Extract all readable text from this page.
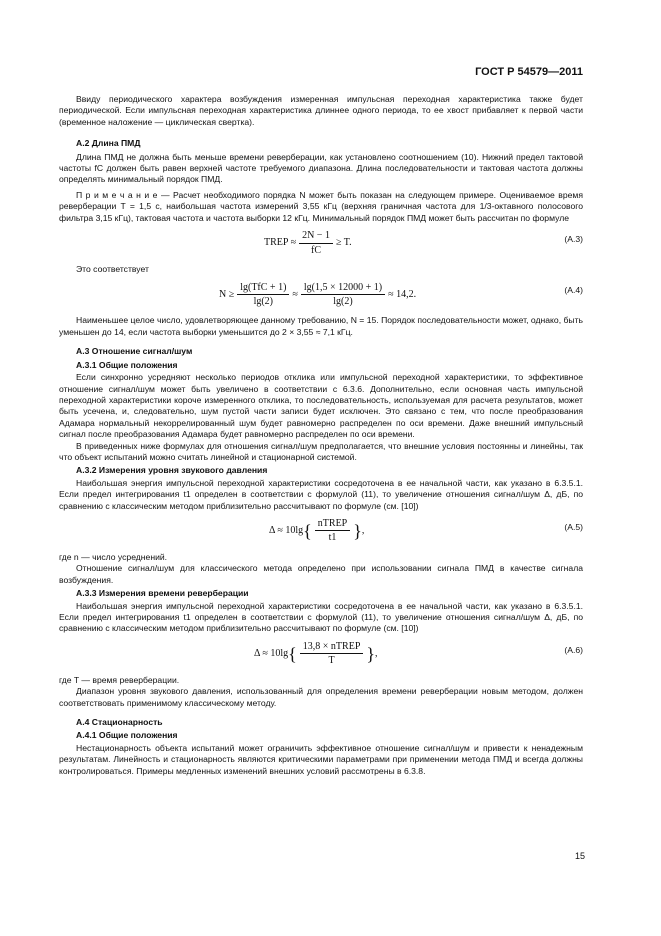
ГОСТ Р 54579—2011

Ввиду периодического характера возбуждения измеренная импульсная переходная характеристика также будет периодической. Если импульсная переходная характеристика длиннее одного периода, то ее хвост прибавляет к первой части (временное наложение — циклическая свертка).

А.2 Длина ПМД

Длина ПМД не должна быть меньше времени реверберации, как установлено соотношением (10). Нижний предел тактовой частоты fC должен быть равен верхней частоте требуемого диапазона. Длина последовательности и тактовая частота должны определять минимальный порядок ПМД.

П р и м е ч а н и е — Расчет необходимого порядка N может быть показан на следующем примере. Оцениваемое время реверберации T = 1,5 с, наибольшая частота измерений 3,55 кГц (верхняя граничная частота для 1/3-октавного полосового фильтра 3,15 кГц), тактовая частота и частота выборки 12 кГц. Минимальный порядок ПМД может быть рассчитан по формуле

TREP ≈ $\frac{2N - 1}{fC} \ge T$.	(A.3)

Это соответствует

$N \ge \frac{\text{lg(TfC + 1)}}{\lg(2)} \approx \frac{\lg(1,5 \times 12000 + 1)}{\lg(2)} \approx 14,2$.	(A.4)

Наименьшее целое число, удовлетворяющее данному требованию, N = 15. Порядок последовательности может, однако, быть уменьшен до 14, если частота выборки уменьшится до 2 × 3,55 ≈ 7,1 кГц.

А.3 Отношение сигнал/шум
А.3.1 Общие положения

Если синхронно усредняют несколько периодов отклика или импульсной переходной характеристики, то эффективное отношение сигнал/шум может быть увеличено в соответствии с 6.3.6. Дополнительно, если основная часть импульсной переходной характеристики короче измеренного отклика, то последовательность, используемая для расчета результатов, может быть усечена, и, следовательно, шум пустой части записи будет исключен. Это связано с тем, что после преобразования Адамара нормальный некоррелированный шум будет равномерно распределен по оси времени. Даже внешний импульсный сигнал после преобразования Адамара будет равномерно распределен по оси времени.

В приведенных ниже формулах для отношения сигнал/шум предполагается, что внешние условия постоянны и линейны, так что объект испытаний можно считать линейной и стационарной системой.

А.3.2 Измерения уровня звукового давления

Наибольшая энергия импульсной переходной характеристики сосредоточена в ее начальной части, как указано в 6.3.5.1. Если предел интегрирования t1 определен в соответствии с формулой (11), то увеличение отношения сигнал/шум Δ, дБ, по сравнению с классическим методом приблизительно рассчитывают по формуле (см. [10])

Δ ≈ 10lg { $\frac{\text{nTREP}}{t1}$ } ,	(A.5)

где n — число усреднений.

Отношение сигнал/шум для классического метода определено при использовании сигнала ПМД в качестве сигнала возбуждения.

А.3.3 Измерения времени реверберации

Наибольшая энергия импульсной переходной характеристики сосредоточена в ее начальной части, как указано в 6.3.5.1. Если предел интегрирования t1 определен в соответствии с формулой (11), то увеличение отношения сигнал/шум Δ, дБ, по сравнению с классическим методом приблизительно рассчитывают по формуле (см. [10])

Δ ≈ 10lg { $\frac{\text{13,8 × nTREP}}{T}$ } ,	(A.6)

где T — время реверберации.

Диапазон уровня звукового давления, использованный для определения времени реверберации новым методом, должен соответствовать применимому классическому методу.

А.4 Стационарность
А.4.1 Общие положения

Нестационарность объекта испытаний может ограничить эффективное отношение сигнал/шум и привести к ненадежным результатам. Линейность и стационарность являются критическими параметрами при применении метода ПМД и всегда должны контролироваться. Примеры медленных изменений внешних условий рассмотрены в 6.3.8.

15
